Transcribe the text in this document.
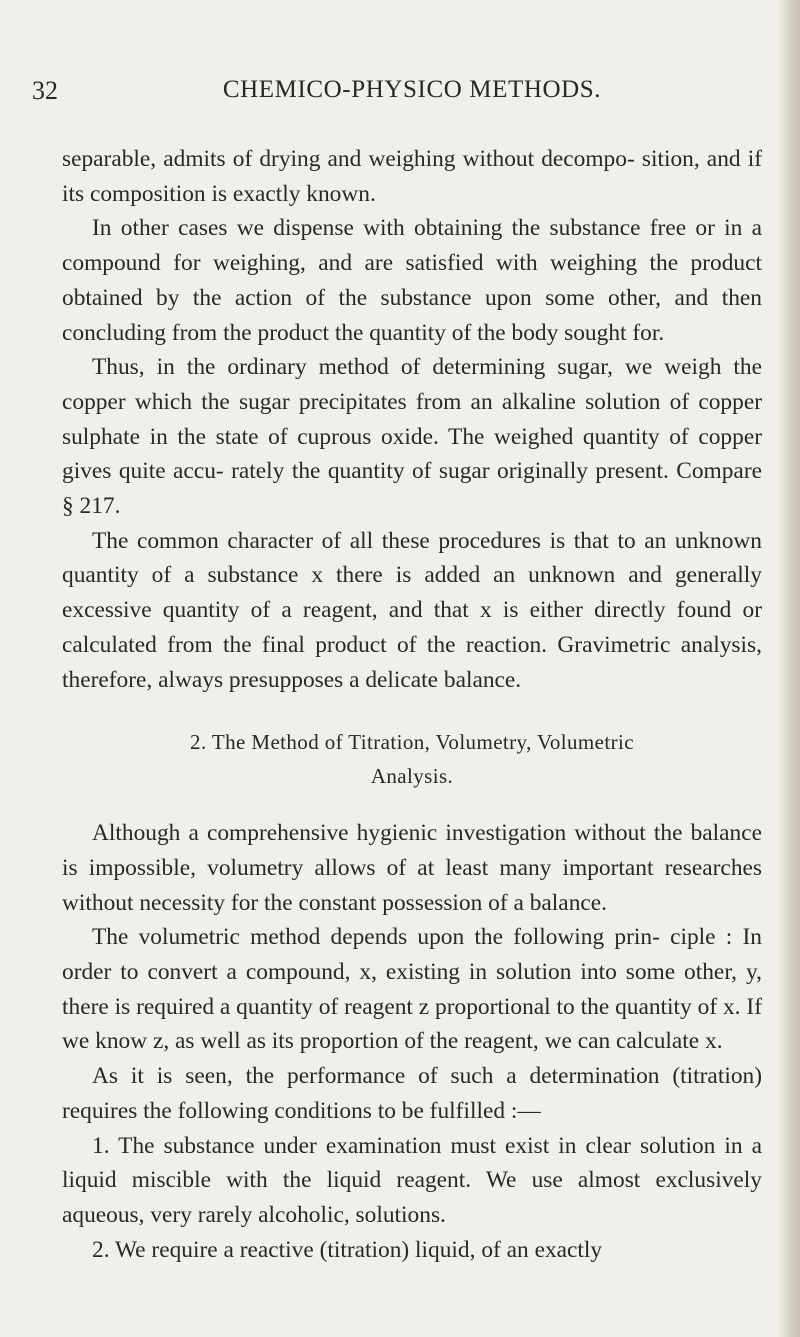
32	CHEMICO-PHYSICO METHODS.

separable, admits of drying and weighing without decompo- sition, and if its composition is exactly known.

In other cases we dispense with obtaining the substance free or in a compound for weighing, and are satisfied with weighing the product obtained by the action of the substance upon some other, and then concluding from the product the quantity of the body sought for.

Thus, in the ordinary method of determining sugar, we weigh the copper which the sugar precipitates from an alkaline solution of copper sulphate in the state of cuprous oxide. The weighed quantity of copper gives quite accu- rately the quantity of sugar originally present. Compare § 217.

The common character of all these procedures is that to an unknown quantity of a substance x there is added an unknown and generally excessive quantity of a reagent, and that x is either directly found or calculated from the final product of the reaction. Gravimetric analysis, therefore, always presupposes a delicate balance.

2. The Method of Titration, Volumetry, Volumetric
Analysis.

Although a comprehensive hygienic investigation without the balance is impossible, volumetry allows of at least many important researches without necessity for the constant possession of a balance.

The volumetric method depends upon the following prin- ciple : In order to convert a compound, x, existing in solution into some other, y, there is required a quantity of reagent z proportional to the quantity of x. If we know z, as well as its proportion of the reagent, we can calculate x.

As it is seen, the performance of such a determination (titration) requires the following conditions to be fulfilled :—

1. The substance under examination must exist in clear solution in a liquid miscible with the liquid reagent. We use almost exclusively aqueous, very rarely alcoholic, solutions.

2. We require a reactive (titration) liquid, of an exactly
